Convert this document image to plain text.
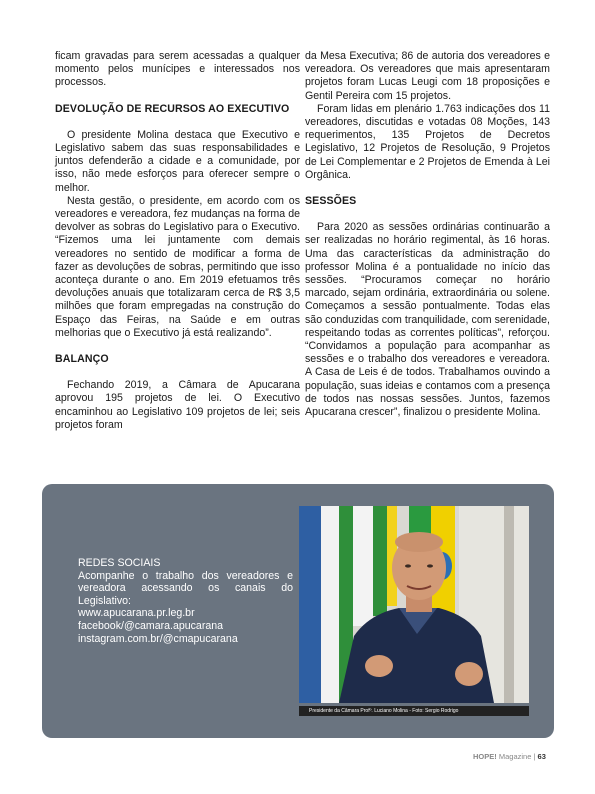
ficam gravadas para serem acessadas a qualquer momento pelos munícipes e interessados nos processos.

DEVOLUÇÃO DE RECURSOS AO EXECUTIVO

O presidente Molina destaca que Executivo e Legislativo sabem das suas responsabilidades e juntos defenderão a cidade e a comunidade, por isso, não mede esforços para oferecer sempre o melhor.

Nesta gestão, o presidente, em acordo com os vereadores e vereadora, fez mudanças na forma de devolver as sobras do Legislativo para o Executivo. “Fizemos uma lei juntamente com demais vereadores no sentido de modificar a forma de fazer as devoluções de sobras, permitindo que isso aconteça durante o ano. Em 2019 efetuamos três devoluções anuais que totalizaram cerca de R$ 3,5 milhões que foram empregadas na construção do Espaço das Feiras, na Saúde e em outras melhorias que o Executivo já está realizando”.

BALANÇO

Fechando 2019, a Câmara de Apucarana aprovou 195 projetos de lei. O Executivo encaminhou ao Legislativo 109 projetos de lei; seis projetos foram

da Mesa Executiva; 86 de autoria dos vereadores e vereadora. Os vereadores que mais apresentaram projetos foram Lucas Leugi com 18 proposições e Gentil Pereira com 15 projetos.

Foram lidas em plenário 1.763 indicações dos 11 vereadores, discutidas e votadas 08 Moções, 143 requerimentos, 135 Projetos de Decretos Legislativo, 12 Projetos de Resolução, 9 Projetos de Lei Complementar e 2 Projetos de Emenda à Lei Orgânica.

SESSÕES

Para 2020 as sessões ordinárias continuarão a ser realizadas no horário regimental, às 16 horas. Uma das características da administração do professor Molina é a pontualidade no início das sessões. “Procuramos começar no horário marcado, sejam ordinária, extraordinária ou solene. Começamos a sessão pontualmente. Todas elas são conduzidas com tranquilidade, com serenidade, respeitando todas as correntes políticas”, reforçou. “Convidamos a população para acompanhar as sessões e o trabalho dos vereadores e vereadora. A Casa de Leis é de todos. Trabalhamos ouvindo a população, suas ideias e contamos com a presença de todos nas nossas sessões. Juntos, fazemos Apucarana crescer”, finalizou o presidente Molina.

REDES SOCIAIS
Acompanhe o trabalho dos vereadores e vereadora acessando os canais do Legislativo:
www.apucarana.pr.leg.br
facebook/@camara.apucarana
instagram.com.br/@cmapucarana
Presidente da Câmara Profº. Luciano Molina - Foto: Sergio Rodrigo
HOPE! Magazine | 63
